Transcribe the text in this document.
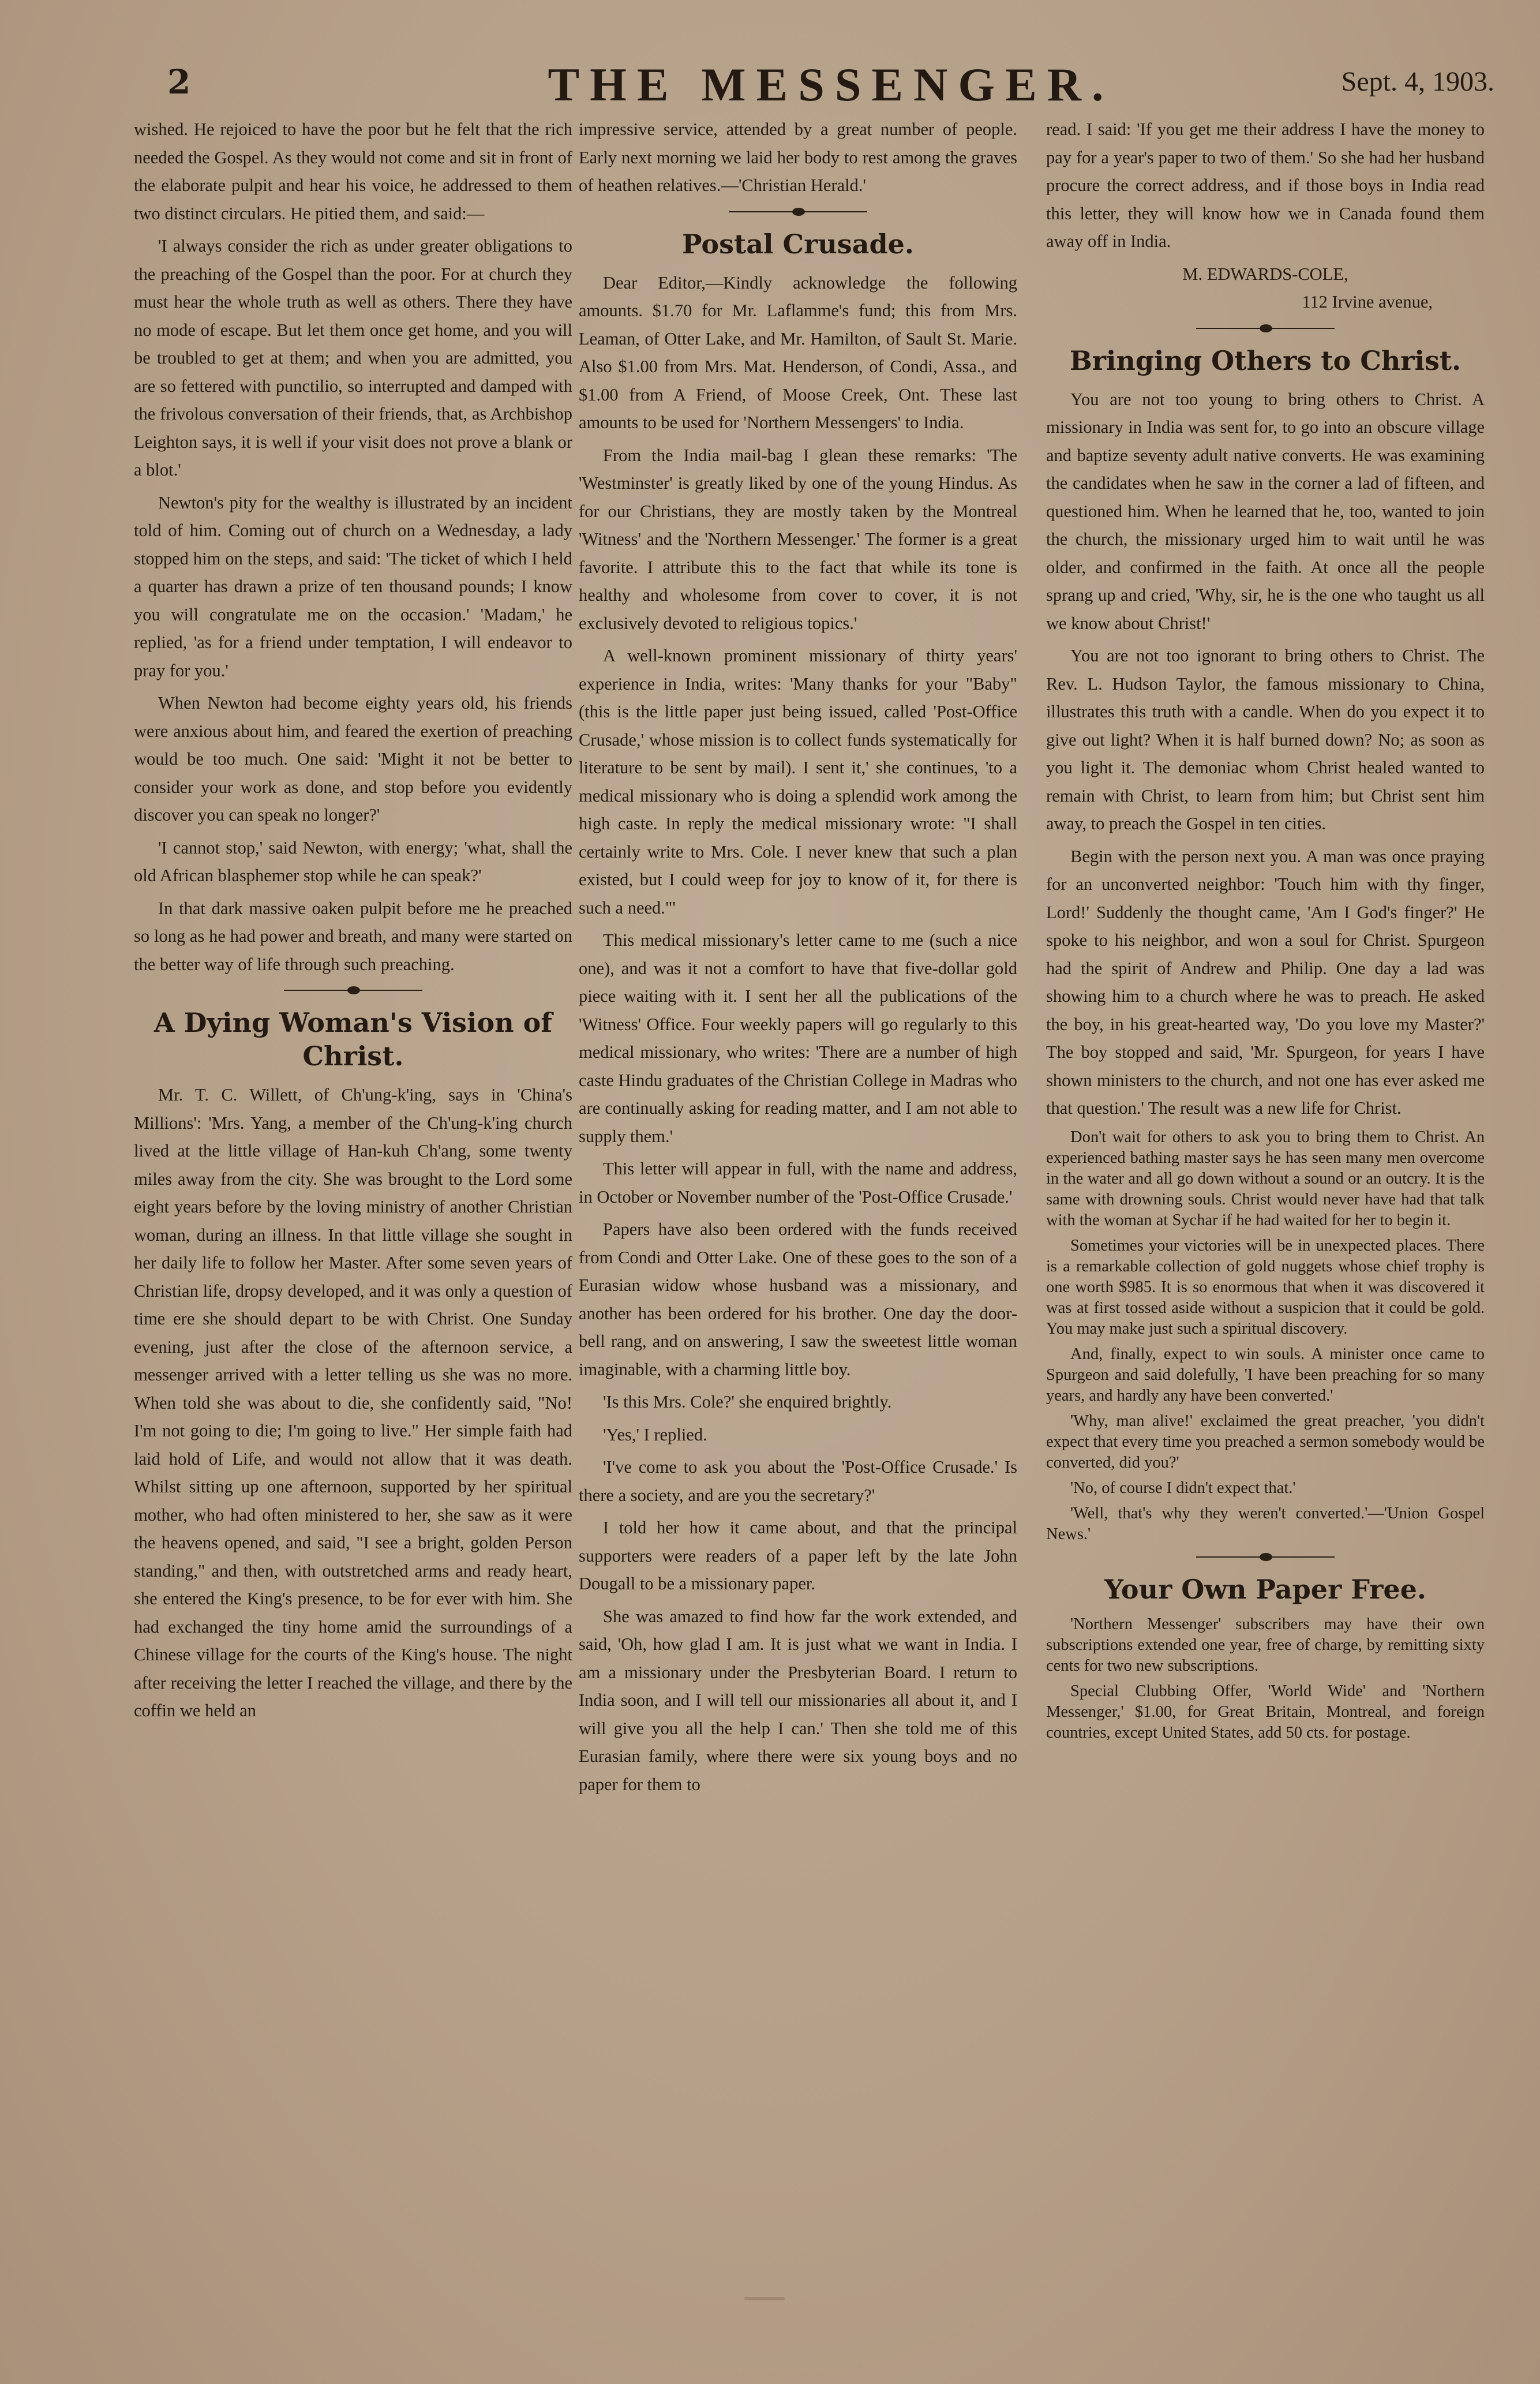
2	THE MESSENGER.	Sept. 4, 1903.

wished. He rejoiced to have the poor but he felt that the rich needed the Gospel. As they would not come and sit in front of the elaborate pulpit and hear his voice, he addressed to them two distinct circulars. He pitied them, and said:—

'I always consider the rich as under greater obligations to the preaching of the Gospel than the poor. For at church they must hear the whole truth as well as others. There they have no mode of escape. But let them once get home, and you will be troubled to get at them; and when you are admitted, you are so fettered with punctilio, so interrupted and damped with the frivolous conversation of their friends, that, as Archbishop Leighton says, it is well if your visit does not prove a blank or a blot.'

Newton's pity for the wealthy is illustrated by an incident told of him. Coming out of church on a Wednesday, a lady stopped him on the steps, and said: 'The ticket of which I held a quarter has drawn a prize of ten thousand pounds; I know you will congratulate me on the occasion.' 'Madam,' he replied, 'as for a friend under temptation, I will endeavor to pray for you.'

When Newton had become eighty years old, his friends were anxious about him, and feared the exertion of preaching would be too much. One said: 'Might it not be better to consider your work as done, and stop before you evidently discover you can speak no longer?'

'I cannot stop,' said Newton, with energy; 'what, shall the old African blasphemer stop while he can speak?'

In that dark massive oaken pulpit before me he preached so long as he had power and breath, and many were started on the better way of life through such preaching.

A Dying Woman's Vision of Christ.

Mr. T. C. Willett, of Ch'ung-k'ing, says in 'China's Millions': 'Mrs. Yang, a member of the Ch'ung-k'ing church lived at the little village of Han-kuh Ch'ang, some twenty miles away from the city. She was brought to the Lord some eight years before by the loving ministry of another Christian woman, during an illness. In that little village she sought in her daily life to follow her Master. After some seven years of Christian life, dropsy developed, and it was only a question of time ere she should depart to be with Christ. One Sunday evening, just after the close of the afternoon service, a messenger arrived with a letter telling us she was no more. When told she was about to die, she confidently said, "No! I'm not going to die; I'm going to live." Her simple faith had laid hold of Life, and would not allow that it was death. Whilst sitting up one afternoon, supported by her spiritual mother, who had often ministered to her, she saw as it were the heavens opened, and said, "I see a bright, golden Person standing," and then, with outstretched arms and ready heart, she entered the King's presence, to be for ever with him. She had exchanged the tiny home amid the surroundings of a Chinese village for the courts of the King's house. The night after receiving the letter I reached the village, and there by the coffin we held an

impressive service, attended by a great number of people. Early next morning we laid her body to rest among the graves of heathen relatives.—'Christian Herald.'

Postal Crusade.

Dear Editor,—Kindly acknowledge the following amounts. $1.70 for Mr. Laflamme's fund; this from Mrs. Leaman, of Otter Lake, and Mr. Hamilton, of Sault St. Marie. Also $1.00 from Mrs. Mat. Henderson, of Condi, Assa., and $1.00 from A Friend, of Moose Creek, Ont. These last amounts to be used for 'Northern Messengers' to India.

From the India mail-bag I glean these remarks: 'The 'Westminster' is greatly liked by one of the young Hindus. As for our Christians, they are mostly taken by the Montreal 'Witness' and the 'Northern Messenger.' The former is a great favorite. I attribute this to the fact that while its tone is healthy and wholesome from cover to cover, it is not exclusively devoted to religious topics.'

A well-known prominent missionary of thirty years' experience in India, writes: 'Many thanks for your "Baby" (this is the little paper just being issued, called 'Post-Office Crusade,' whose mission is to collect funds systematically for literature to be sent by mail). I sent it,' she continues, 'to a medical missionary who is doing a splendid work among the high caste. In reply the medical missionary wrote: "I shall certainly write to Mrs. Cole. I never knew that such a plan existed, but I could weep for joy to know of it, for there is such a need."'

This medical missionary's letter came to me (such a nice one), and was it not a comfort to have that five-dollar gold piece waiting with it. I sent her all the publications of the 'Witness' Office. Four weekly papers will go regularly to this medical missionary, who writes: 'There are a number of high caste Hindu graduates of the Christian College in Madras who are continually asking for reading matter, and I am not able to supply them.'

This letter will appear in full, with the name and address, in October or November number of the 'Post-Office Crusade.'

Papers have also been ordered with the funds received from Condi and Otter Lake. One of these goes to the son of a Eurasian widow whose husband was a missionary, and another has been ordered for his brother. One day the door-bell rang, and on answering, I saw the sweetest little woman imaginable, with a charming little boy.

'Is this Mrs. Cole?' she enquired brightly.

'Yes,' I replied.

'I've come to ask you about the 'Post-Office Crusade.' Is there a society, and are you the secretary?'

I told her how it came about, and that the principal supporters were readers of a paper left by the late John Dougall to be a missionary paper.

She was amazed to find how far the work extended, and said, 'Oh, how glad I am. It is just what we want in India. I am a missionary under the Presbyterian Board. I return to India soon, and I will tell our missionaries all about it, and I will give you all the help I can.' Then she told me of this Eurasian family, where there were six young boys and no paper for them to

read. I said: 'If you get me their address I have the money to pay for a year's paper to two of them.' So she had her husband procure the correct address, and if those boys in India read this letter, they will know how we in Canada found them away off in India.

M. EDWARDS-COLE,

112 Irvine avenue,

Bringing Others to Christ.

You are not too young to bring others to Christ. A missionary in India was sent for, to go into an obscure village and baptize seventy adult native converts. He was examining the candidates when he saw in the corner a lad of fifteen, and questioned him. When he learned that he, too, wanted to join the church, the missionary urged him to wait until he was older, and confirmed in the faith. At once all the people sprang up and cried, 'Why, sir, he is the one who taught us all we know about Christ!'

You are not too ignorant to bring others to Christ. The Rev. L. Hudson Taylor, the famous missionary to China, illustrates this truth with a candle. When do you expect it to give out light? When it is half burned down? No; as soon as you light it. The demoniac whom Christ healed wanted to remain with Christ, to learn from him; but Christ sent him away, to preach the Gospel in ten cities.

Begin with the person next you. A man was once praying for an unconverted neighbor: 'Touch him with thy finger, Lord!' Suddenly the thought came, 'Am I God's finger?' He spoke to his neighbor, and won a soul for Christ. Spurgeon had the spirit of Andrew and Philip. One day a lad was showing him to a church where he was to preach. He asked the boy, in his great-hearted way, 'Do you love my Master?' The boy stopped and said, 'Mr. Spurgeon, for years I have shown ministers to the church, and not one has ever asked me that question.' The result was a new life for Christ.

Don't wait for others to ask you to bring them to Christ. An experienced bathing master says he has seen many men overcome in the water and all go down without a sound or an outcry. It is the same with drowning souls. Christ would never have had that talk with the woman at Sychar if he had waited for her to begin it.

Sometimes your victories will be in unexpected places. There is a remarkable collection of gold nuggets whose chief trophy is one worth $985. It is so enormous that when it was discovered it was at first tossed aside without a suspicion that it could be gold. You may make just such a spiritual discovery.

And, finally, expect to win souls. A minister once came to Spurgeon and said dolefully, 'I have been preaching for so many years, and hardly any have been converted.'

'Why, man alive!' exclaimed the great preacher, 'you didn't expect that every time you preached a sermon somebody would be converted, did you?'

'No, of course I didn't expect that.'

'Well, that's why they weren't converted.'—'Union Gospel News.'

Your Own Paper Free.

'Northern Messenger' subscribers may have their own subscriptions extended one year, free of charge, by remitting sixty cents for two new subscriptions.

Special Clubbing Offer, 'World Wide' and 'Northern Messenger,' $1.00, for Great Britain, Montreal, and foreign countries, except United States, add 50 cts. for postage.
